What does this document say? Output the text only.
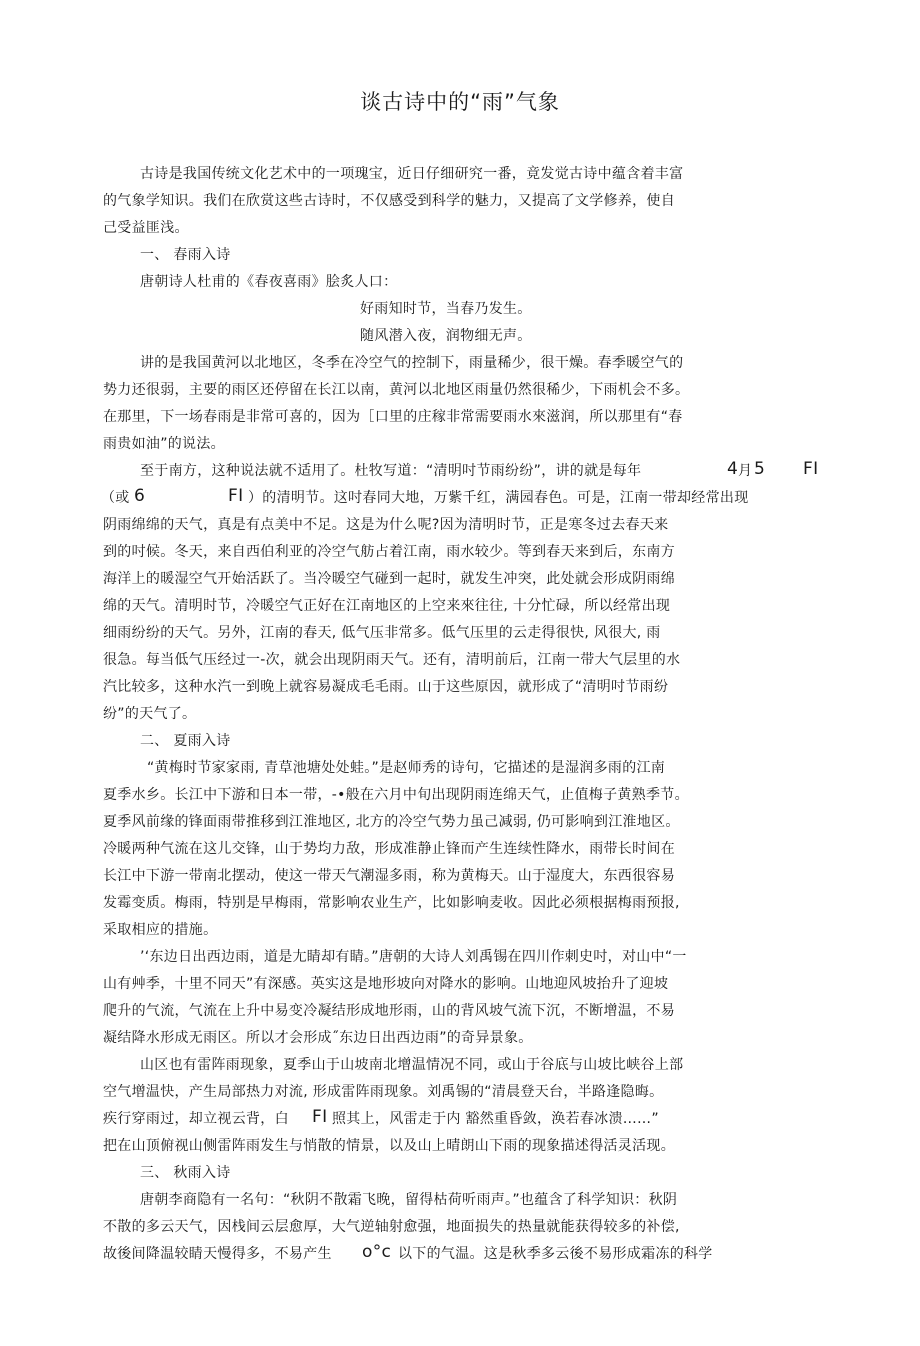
谈古诗中的“雨”气象
古诗是我国传统文化艺术中的一项瑰宝，近日仔细研究一番，竟发觉古诗中蕴含着丰富
的气象学知识。我们在欣赏这些古诗时，不仅感受到科学的魅力，又提高了文学修养，使自
己受益匪浅。
一、 春雨入诗
唐朝诗人杜甫的《春夜喜雨》脍炙人口：
好雨知时节，当春乃发生。
随风潜入夜，润物细无声。
讲的是我国黄河以北地区，冬季在冷空气的控制下，雨量稀少，很干燥。春季暖空气的
势力还很弱，主要的雨区还停留在长江以南，黄河以北地区雨量仍然很稀少，下雨机会不多。
在那里，下一场春雨是非常可喜的，因为［口里的庄稼非常需要雨水來滋润，所以那里有“春
雨贵如油”的说法。
至于南方，这种说法就不适用了。杜牧写道：“清明吋节雨纷纷”，讲的就是每年	4 月 5 FI
（或 6	FI ）的清明节。这吋春同大地，万紫千红，满园春色。可是，江南一带却经常出现
阴雨绵绵的天气，真是有点美中不足。这是为什么呢?因为清明时节，正是寒冬过去春天来
到的吋候。冬天，来自西伯利亚的冷空气舫占着江南，雨水较少。等到春天来到后，东南方
海洋上的暖湿空气开始活跃了。当冷暖空气碰到一起时，就发生冲突，此处就会形成阴雨绵
绵的天气。清明时节，冷暖空气正好在江南地区的上空来來往往, 十分忙碌，所以经常出现
细雨纷纷的天气。另外，江南的春天, 低气压非常多。低气压里的云走得很快, 风很大, 雨
很急。每当低气压经过一-次，就会出现阴雨天气。还有，清明前后，江南一带大气层里的水
汽比较多，这种水汽一到晚上就容易凝成毛毛雨。山于这些原因，就形成了“清明吋节雨纷
纷”的天气了。
二、 夏雨入诗
“黄梅时节家家雨, 青草池塘处处蛙。”是赵师秀的诗句，它描述的是湿润多雨的江南
夏季水乡。长江中下游和日本一带，-•般在六月中旬出现阴雨连绵天气，止值梅子黄熟季节。
夏季风前缘的锋面雨带推移到江淮地区, 北方的冷空气势力虽己减弱, 仍可影响到江淮地区。
冷暖两种气流在这儿交锋，山于势均力敌，形成准静止锋而产生连续性降水，雨带长时间在
长江中下游一带南北摆动，使这一带天气潮湿多雨，称为黄梅天。山于湿度大，东西很容易
发霉变质。梅雨，特别是早梅雨，常影响农业生产，比如影响麦收。因此必须根据梅雨预报,
采取相应的措施。
’‘东边日出西边雨，道是尢睛却有睛。”唐朝的大诗人刘禹锡在四川作刺史吋，对山中“一
山有艸季，十里不同天”有深感。英实这是地形坡向对降水的影响。山地迎风坡抬升了迎坡
爬升的气流，气流在上升中易变冷凝结形成地形雨，山的背风坡气流下沉，不断增温，不易
凝结降水形成无雨区。所以才会形成˝东边日出西边雨”的奇异景象。
山区也有雷阵雨现象，夏季山于山坡南北增温情况不同，或山于谷底与山坡比峡谷上部
空气增温快，产生局部热力对流, 形成雷阵雨现象。刘禹锡的“清晨登天台，半路逢隐晦。
疾行穿雨过，却立视云背，白 FI 照其上，风雷走于内 豁然重昏敛，涣若春冰溃……”
把在山顶俯视山侧雷阵雨发生与悄散的情景，以及山上晴朗山下雨的现象描述得活灵活现。
三、 秋雨入诗
唐朝李商隐有一名句：“秋阴不散霜飞晚，留得枯荷听雨声。”也蕴含了科学知识：秋阴
不散的多云天气，因栈间云层愈厚，大气逆轴射愈强，地面损失的热量就能获得较多的补偿,
故後间降温较睛天慢得多，不易产生 o°c 以下的气温。这是秋季多云後不易形成霜冻的科学
